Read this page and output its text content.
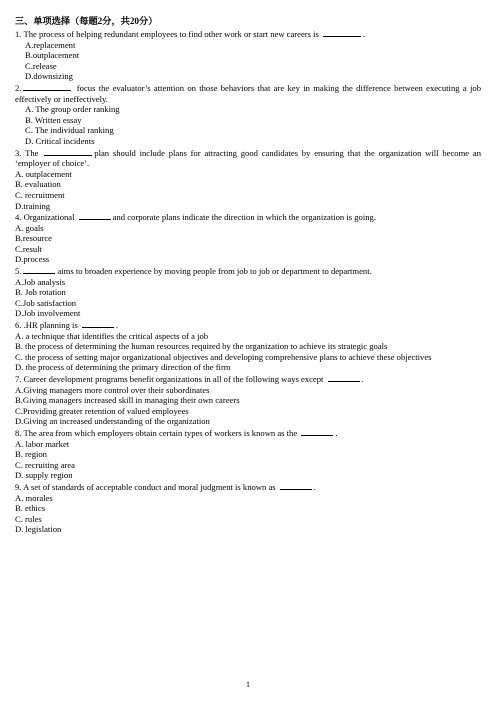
三、单项选择（每题2分，共20分）
1. The process of helping redundant employees to find other work or start new careers is	.
A.replacement
B.outplacement
C.release
D.downsizing
2.	focus the evaluator’s attention on those behaviors that are key in making the difference between executing a job effectively or ineffectively.
A. The group order ranking
B. Written essay
C. The individual ranking
D. Critical incidents
3. The	plan should include plans for attracting good candidates by ensuring that the organization will become an ‘employer of choice’.
A. outplacement
B. evaluation
C. recruitment
D.training
4. Organizational	and corporate plans indicate the direction in which the organization is going.
A. goals
B.resource
C.result
D.process
5.	aims to broaden experience by moving people from job to job or department to department.
A.Job analysis
B. Job rotation
C.Job satisfaction
D.Job involvement
6. .HR planning is	.
A. a technique that identifies the critical aspects of a job
B. the process of determining the human resources required by the organization to achieve its strategic goals
C. the process of setting major organizational objectives and developing comprehensive plans to achieve these objectives
D. the process of determining the primary direction of the firm
7. Career development programs benefit organizations in all of the following ways except	.
A.Giving managers more control over their subordinates
B.Giving managers increased skill in managing their own careers
C.Providing greater retention of valued employees
D.Giving an increased understanding of the organization
8. The area from which employers obtain certain types of workers is known as the	.
A. labor market
B. region
C. recruiting area
D. supply region
9. A set of standards of acceptable conduct and moral judgment is known as	.
A. morales
B. ethics
C. rules
D. legislation
1
